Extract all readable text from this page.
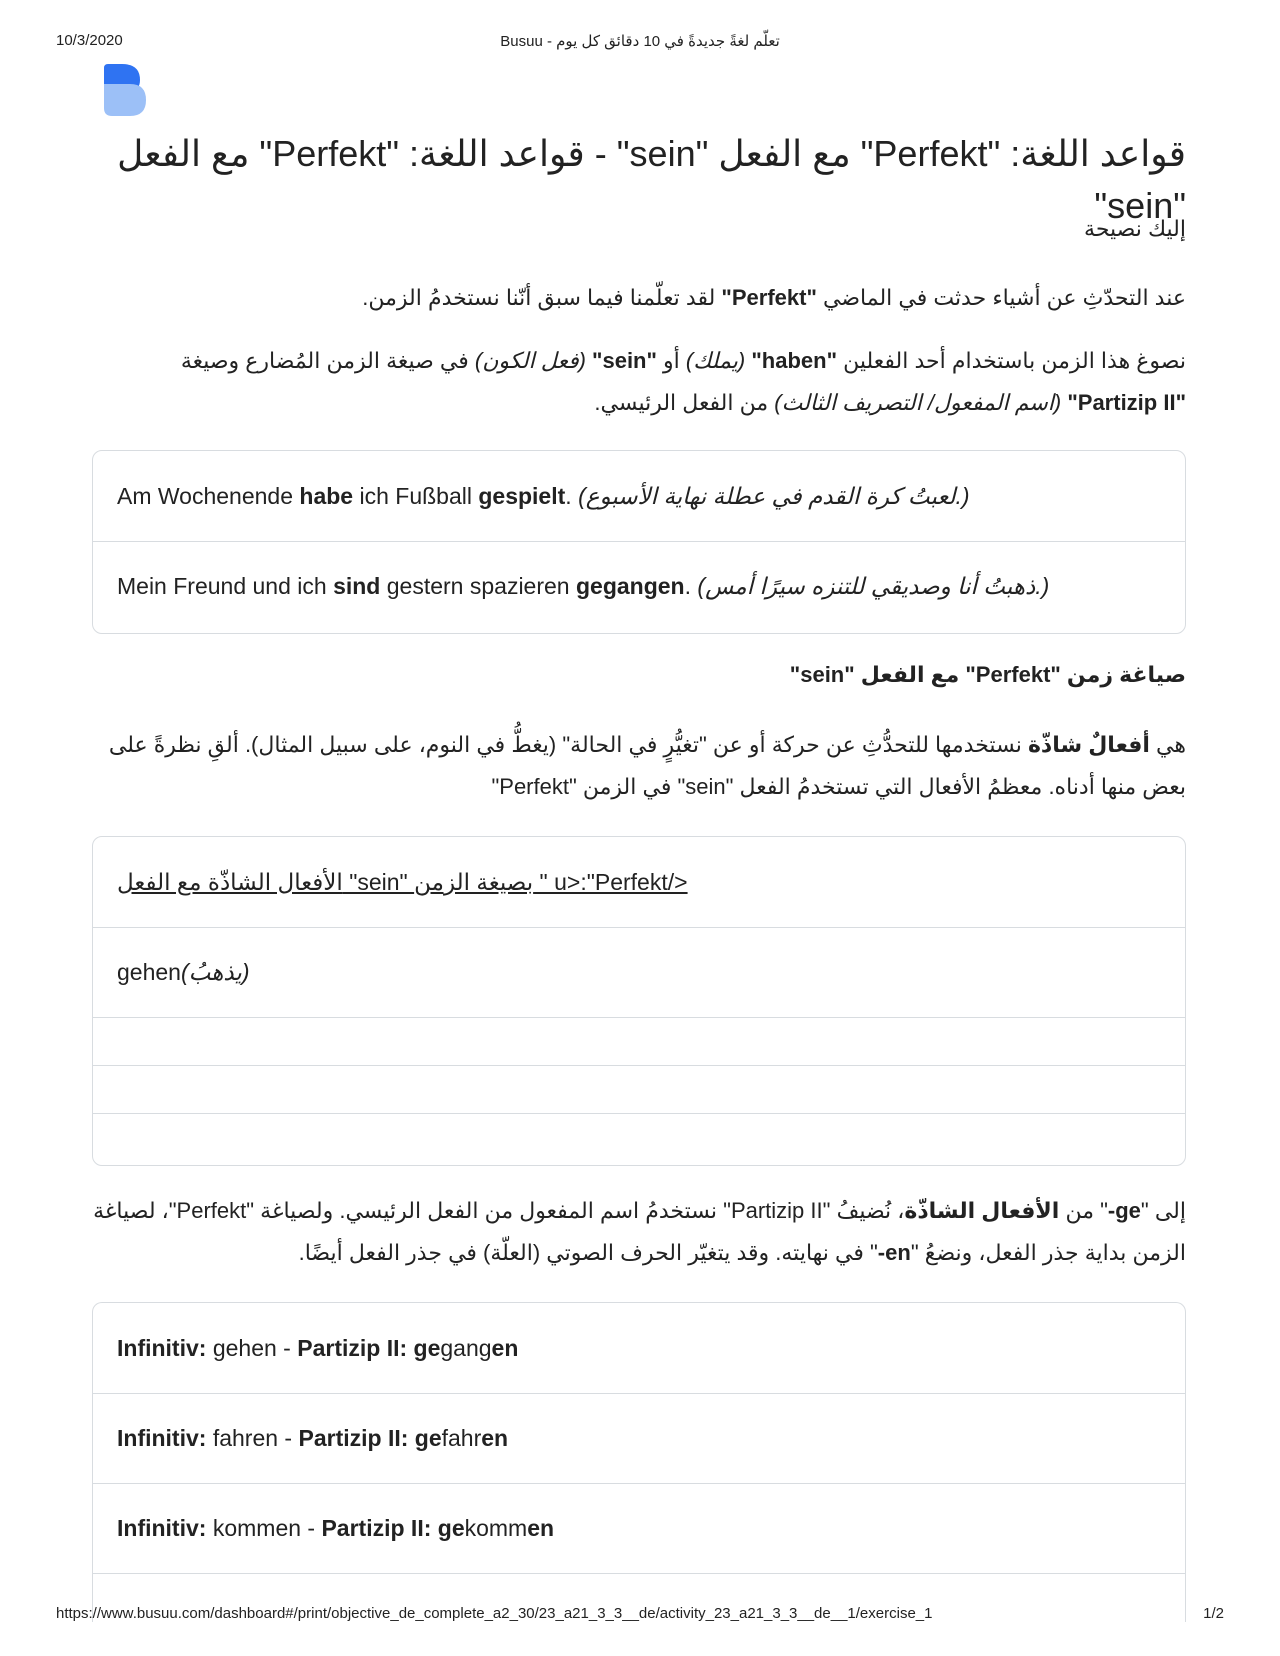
10/3/2020	Busuu - تعلّم لغةً جديدةً في 10 دقائق كل يوم
قواعد اللغة: "Perfekt" مع الفعل "sein" - قواعد اللغة: "Perfekt" مع الفعل "sein"
إليك نصيحة
عند التحدّثِ عن أشياء حدثت في الماضي "Perfekt" لقد تعلّمنا فيما سبق أنّنا نستخدمُ الزمن.
نصوغ هذا الزمن باستخدام أحد الفعلين "haben" (يملك) أو "sein" (فعل الكون) في صيغة الزمن المُضارع وصيغة "Partizip II" (اسم المفعول/ التصريف الثالث) من الفعل الرئيسي.
Am Wochenende habe ich Fußball gespielt. (لعبتُ كرة القدم في عطلة نهاية الأسبوع.)
Mein Freund und ich sind gestern spazieren gegangen. (ذهبتُ أنا وصديقي للتنزه سيرًا أمس.)
صياغة زمن "Perfekt" مع الفعل "sein"
هي أفعالٌ شاذّة نستخدمها للتحدُّثِ عن حركة أو عن "تغيُّرٍ في الحالة" (يغطُّ في النوم، على سبيل المثال). ألقِ نظرةً على بعض منها أدناه. معظمُ الأفعال التي تستخدمُ الفعل "sein" في الزمن "Perfekt"
الأفعال الشاذّة مع الفعل "sein" بصيغة الزمن " u>:"Perfekt/>
gehen (يذهبُ)
إلى "ge-" من الأفعال الشاذّة، نُضيفُ "Partizip II" نستخدمُ اسم المفعول من الفعل الرئيسي. ولصياغة "Perfekt"، لصياغة الزمن بداية جذر الفعل، ونضعُ "en-" في نهايته. وقد يتغيّر الحرف الصوتي (العلّة) في جذر الفعل أيضًا.
Infinitiv: gehen - Partizip II: gegangen
Infinitiv: fahren - Partizip II: gefahren
Infinitiv: kommen - Partizip II: gekommen
https://www.busuu.com/dashboard#/print/objective_de_complete_a2_30/23_a21_3_3__de/activity_23_a21_3_3__de__1/exercise_1	1/2
